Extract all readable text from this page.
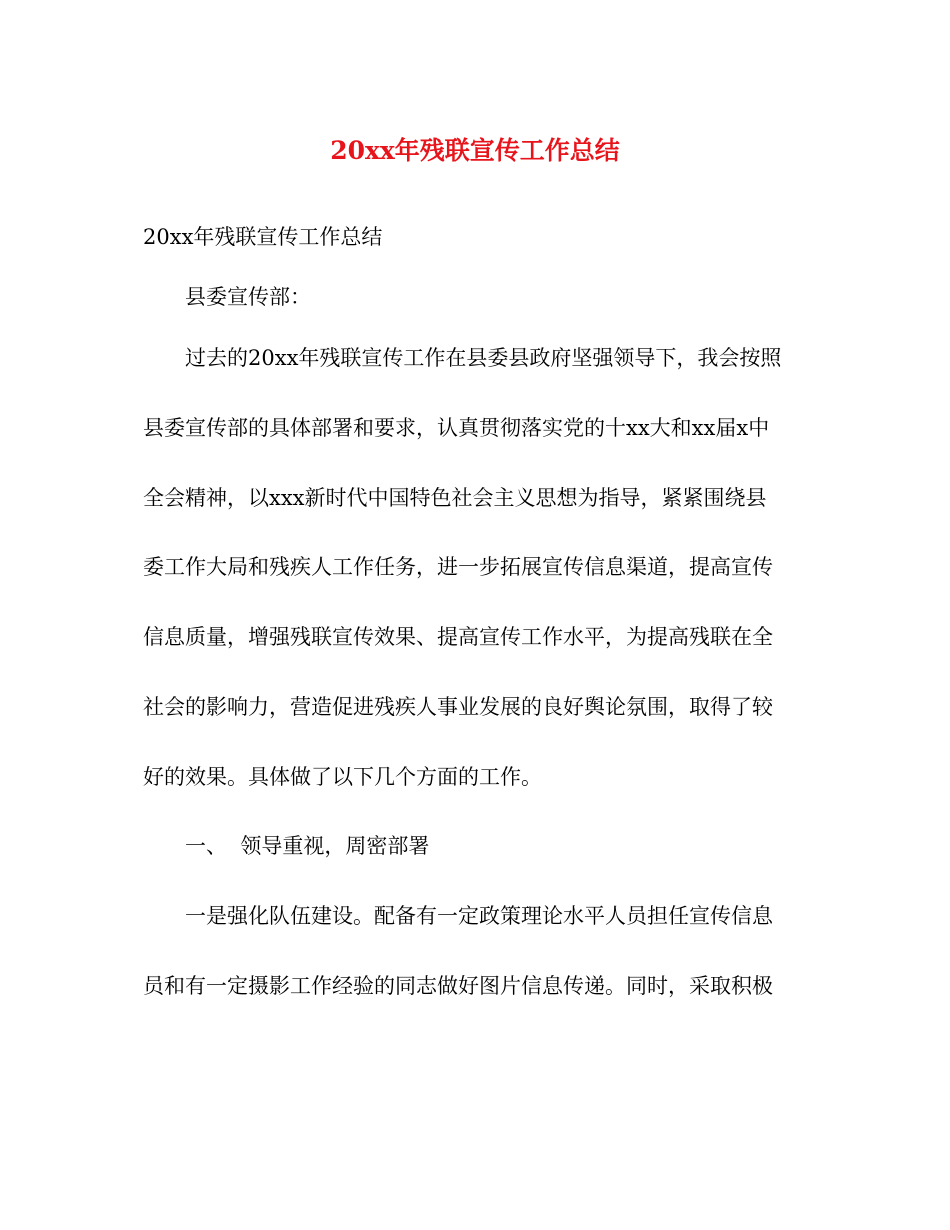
20xx年残联宣传工作总结
20xx年残联宣传工作总结
县委宣传部：
过去的20xx年残联宣传工作在县委县政府坚强领导下，我会按照
县委宣传部的具体部署和要求，认真贯彻落实党的十xx大和xx届x中
全会精神，以xxx新时代中国特色社会主义思想为指导，紧紧围绕县
委工作大局和残疾人工作任务，进一步拓展宣传信息渠道，提高宣传
信息质量，增强残联宣传效果、提高宣传工作水平，为提高残联在全
社会的影响力，营造促进残疾人事业发展的良好舆论氛围，取得了较
好的效果。具体做了以下几个方面的工作。
一、  领导重视，周密部署
一是强化队伍建设。配备有一定政策理论水平人员担任宣传信息
员和有一定摄影工作经验的同志做好图片信息传递。同时，采取积极
